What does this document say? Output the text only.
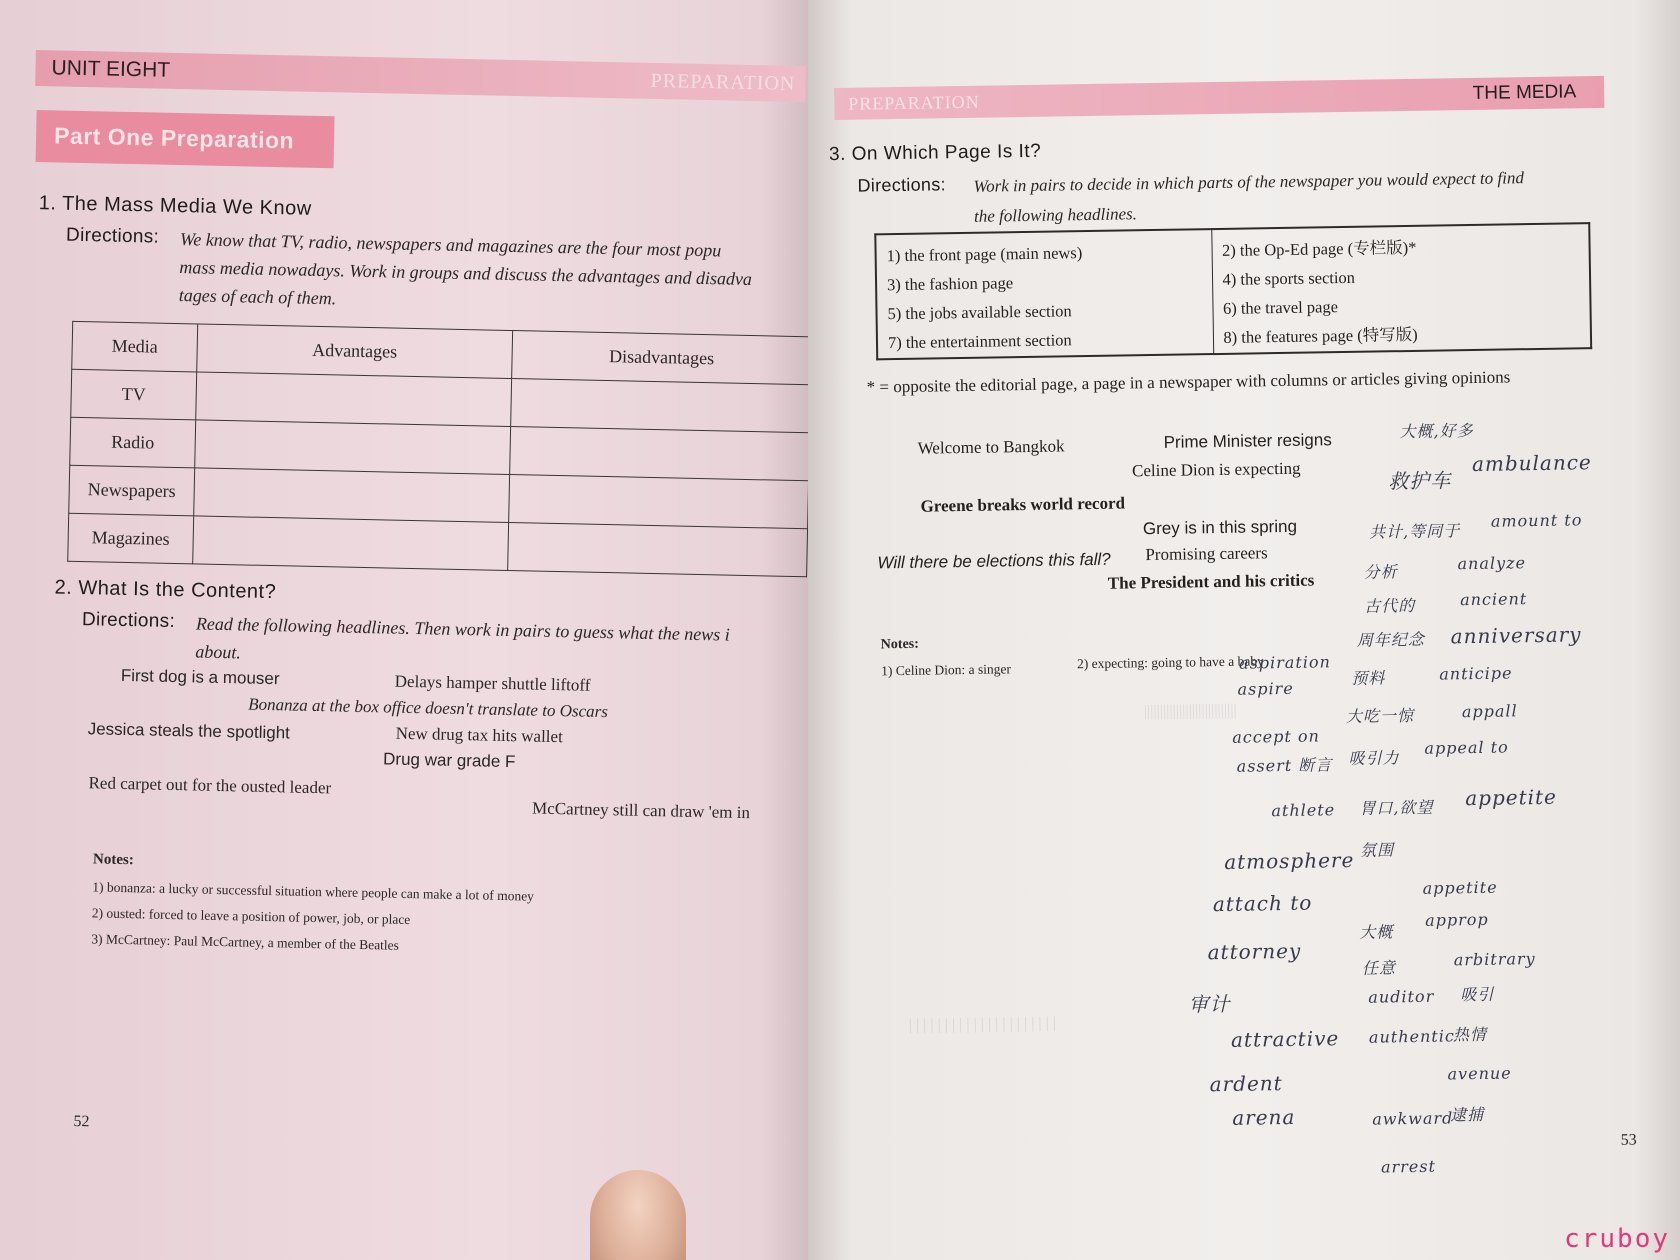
UNIT EIGHT
PREPARATION
Part One Preparation
1. The Mass Media We Know
Directions: We know that TV, radio, newspapers and magazines are the four most popu
mass media nowadays. Work in groups and discuss the advantages and disadva
tages of each of them.
Media	Advantages	Disadvantages
TV		
Radio		
Newspapers		
Magazines		
2. What Is the Content?
Directions: Read the following headlines. Then work in pairs to guess what the news i
about.
First dog is a mouser	Delays hamper shuttle liftoff
Bonanza at the box office doesn't translate to Oscars
Jessica steals the spotlight	New drug tax hits wallet
Drug war grade F
Red carpet out for the ousted leader
McCartney still can draw 'em in
Notes:
1) bonanza: a lucky or successful situation where people can make a lot of money
2) ousted: forced to leave a position of power, job, or place
3) McCartney: Paul McCartney, a member of the Beatles
52
PREPARATION	THE MEDIA
3. On Which Page Is It?
Directions: Work in pairs to decide in which parts of the newspaper you would expect to find
the following headlines.
1) the front page (main news)
3) the fashion page
5) the jobs available section
7) the entertainment section

2) the Op-Ed page (专栏版)*
4) the sports section
6) the travel page
8) the features page (特写版)
* = opposite the editorial page, a page in a newspaper with columns or articles giving opinions
Welcome to Bangkok	Prime Minister resigns
Celine Dion is expecting
Greene breaks world record
Grey is in this spring
Will there be elections this fall? Promising careers
The President and his critics
Notes:
1) Celine Dion: a singer	2) expecting: going to have a baby
|||||||||||||||||||||||||||||
| | | | | | | | | | | | | | | | | | | | |
大概,好多
救护车
ambulance
共计,等同于
amount to
分析	analyze
古代的	ancient
周年纪念 anniversary
aspiration
aspire
预料	anticipe
大吃一惊	appall
accept on
assert 断言 吸引力
appeal to
athlete 胃口,欲望 appetite
atmosphere 氛围
attach to
appetite
大概
approp
attorney
任意	arbitrary
审计	auditor 吸引
attractive authentic
热情
ardent	avenue
arena	awkward
逮捕
arrest
53
cruboy
